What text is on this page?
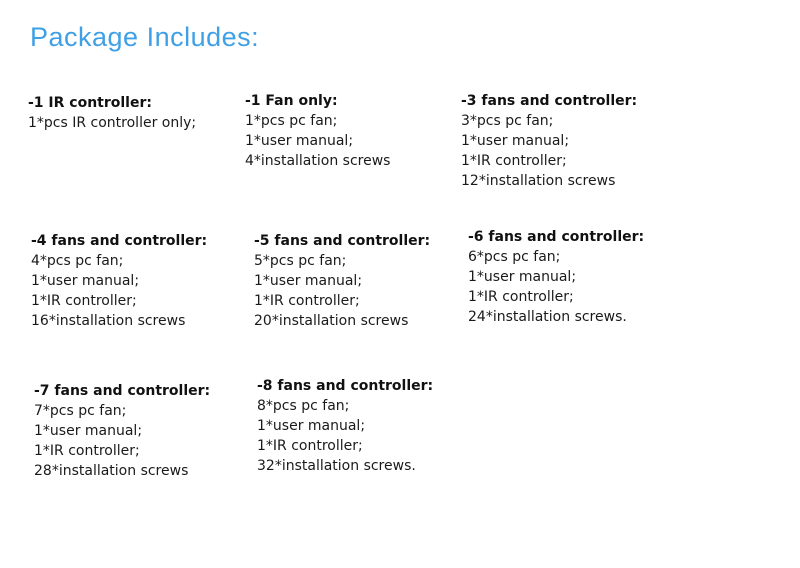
Package Includes:
-1 IR controller:
1*pcs IR controller only;
-1 Fan only:
1*pcs pc fan;
1*user manual;
4*installation screws
-3 fans and controller:
3*pcs pc fan;
1*user manual;
1*IR controller;
12*installation screws
-4 fans and controller:
4*pcs pc fan;
1*user manual;
1*IR controller;
16*installation screws
-5 fans and controller:
5*pcs pc fan;
1*user manual;
1*IR controller;
20*installation screws
-6 fans and controller:
6*pcs pc fan;
1*user manual;
1*IR controller;
24*installation screws.
-7 fans and controller:
7*pcs pc fan;
1*user manual;
1*IR controller;
28*installation screws
-8 fans and controller:
8*pcs pc fan;
1*user manual;
1*IR controller;
32*installation screws.
